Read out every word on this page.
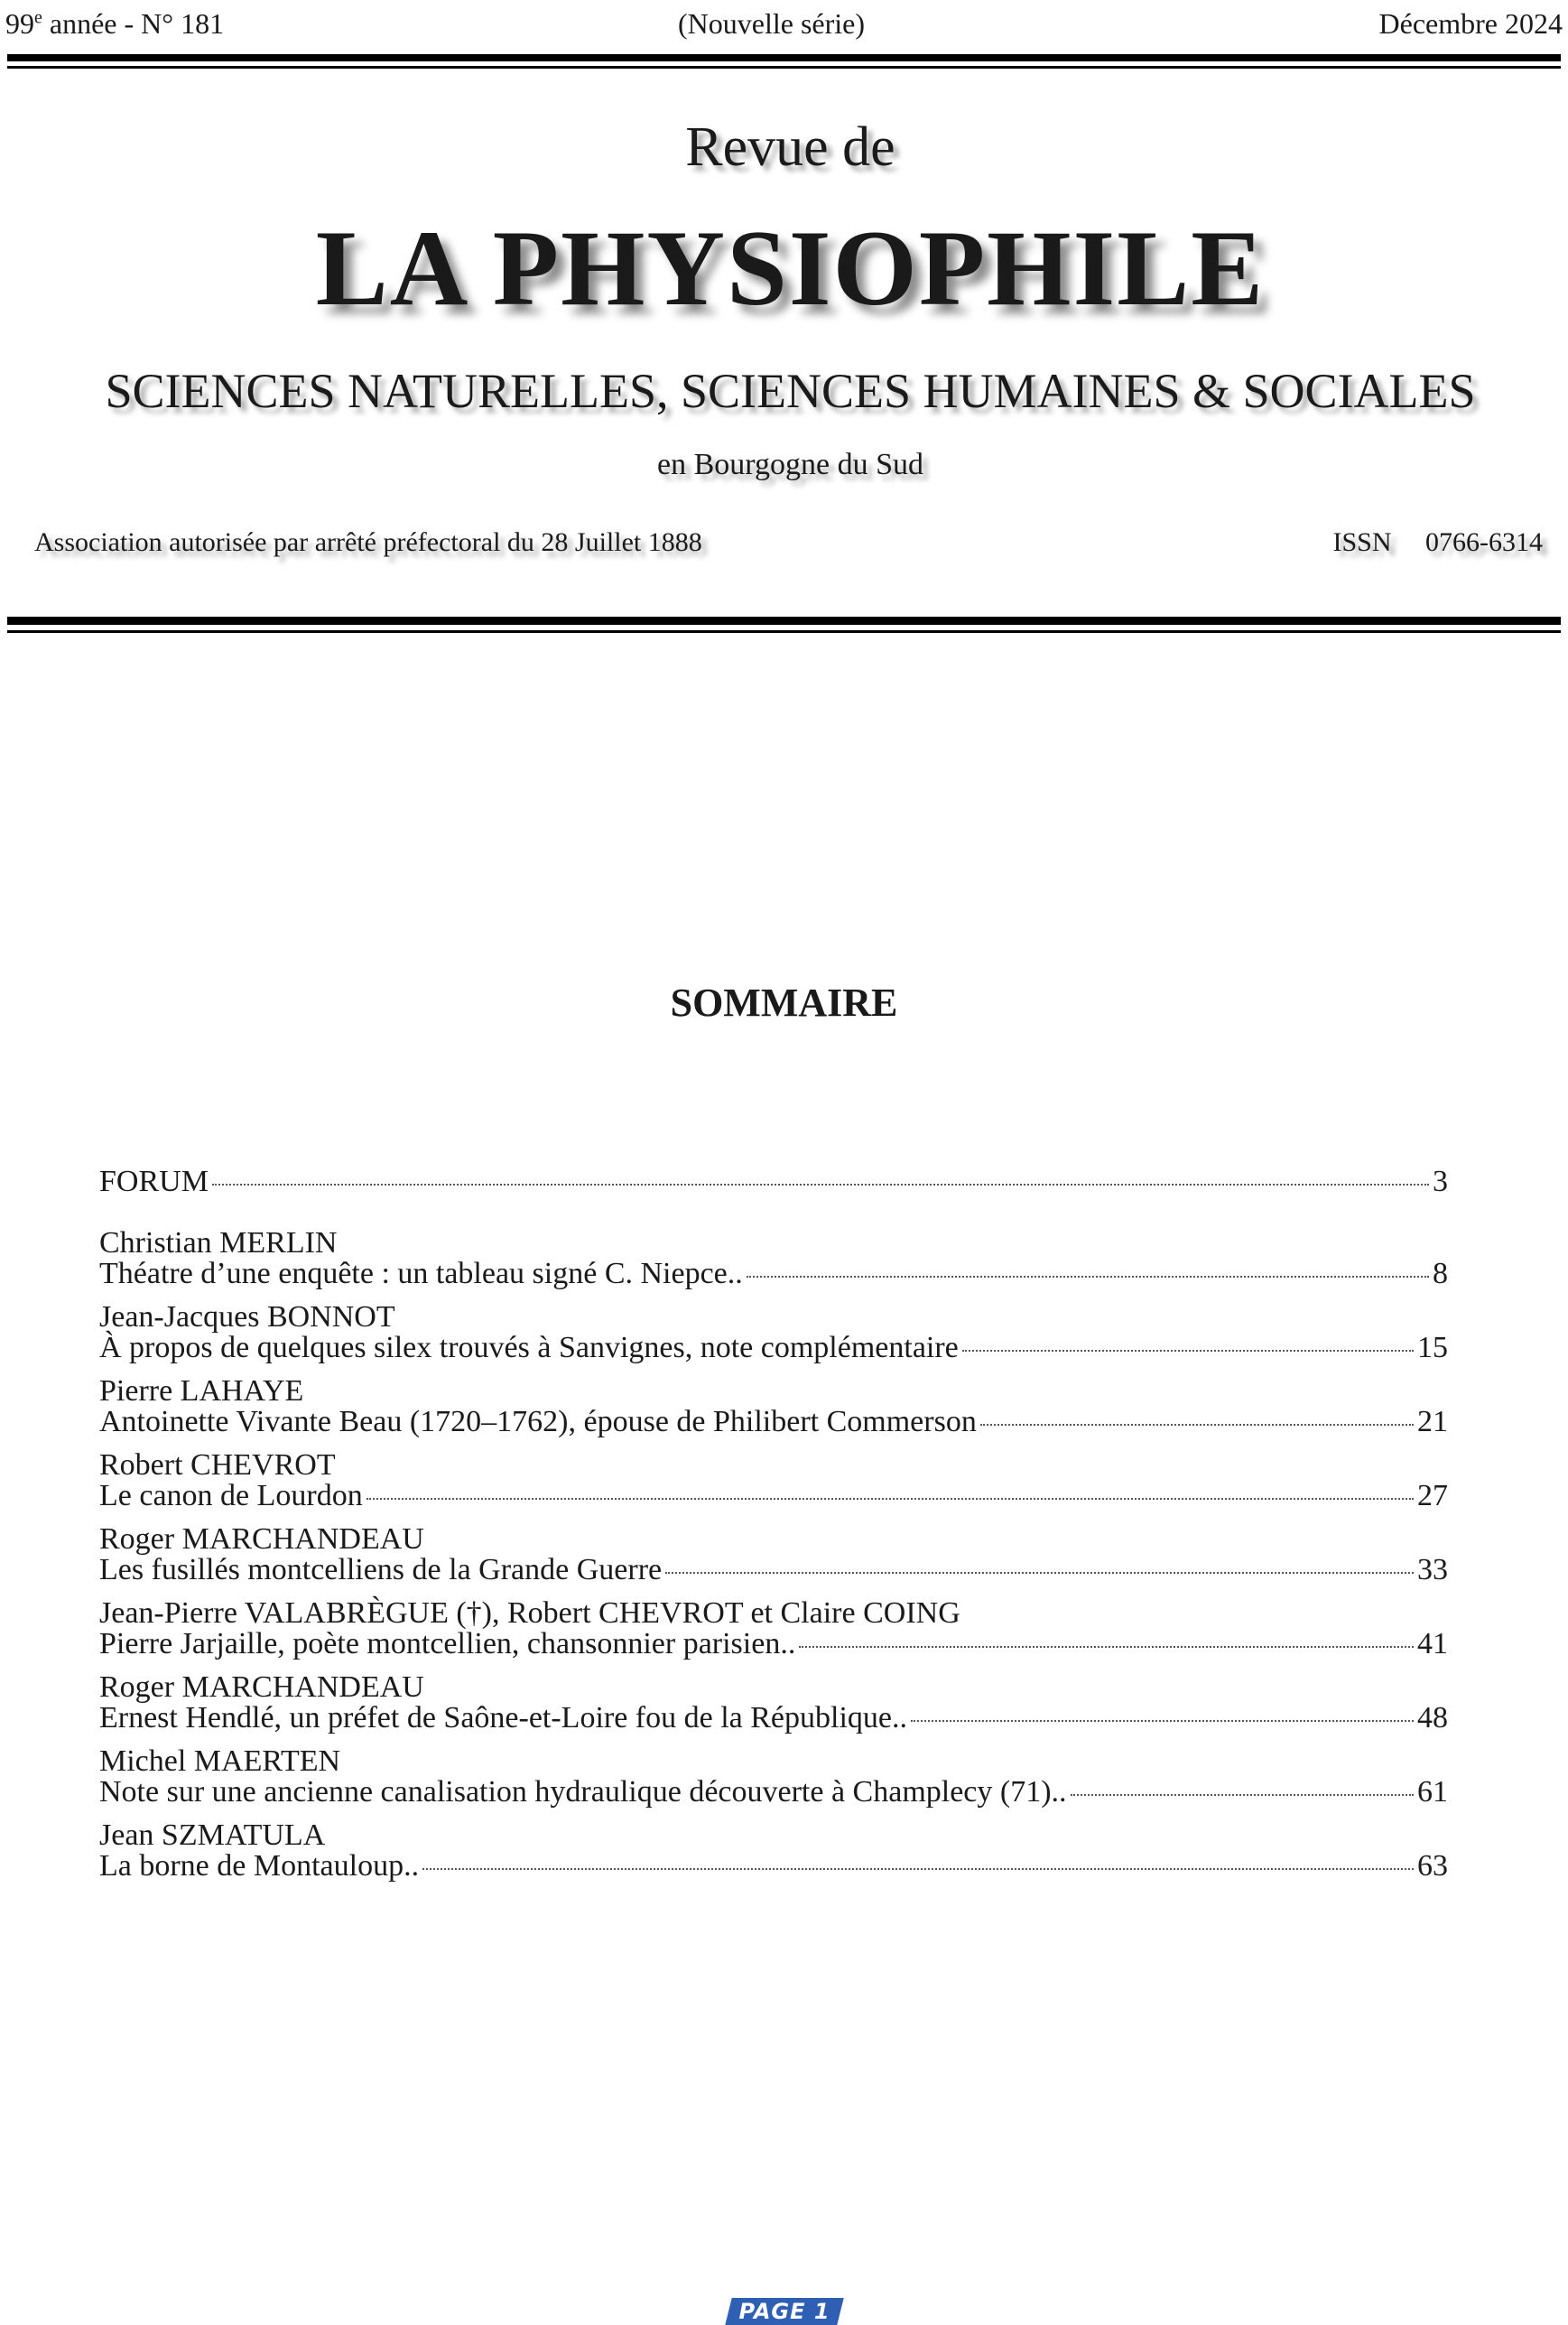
99e année - N° 181	(Nouvelle série)	Décembre 2024
Revue de
LA PHYSIOPHILE
SCIENCES NATURELLES, SCIENCES HUMAINES & SOCIALES
en Bourgogne du Sud
Association autorisée par arrêté préfectoral du 28 Juillet 1888	ISSN 0766-6314
SOMMAIRE
FORUM	3
Christian MERLIN
Théatre d’une enquête : un tableau signé C. Niepce..	8
Jean-Jacques BONNOT
À propos de quelques silex trouvés à Sanvignes, note complémentaire	15
Pierre LAHAYE
Antoinette Vivante Beau (1720–1762), épouse de Philibert Commerson	21
Robert CHEVROT
Le canon de Lourdon	27
Roger MARCHANDEAU
Les fusillés montcelliens de la Grande Guerre	33
Jean-Pierre VALABRÈGUE (†), Robert CHEVROT et Claire COING
Pierre Jarjaille, poète montcellien, chansonnier parisien..	41
Roger MARCHANDEAU
Ernest Hendlé, un préfet de Saône-et-Loire fou de la République..	48
Michel MAERTEN
Note sur une ancienne canalisation hydraulique découverte à Champlecy (71)..	61
Jean SZMATULA
La borne de Montauloup..	63
PAGE 1
